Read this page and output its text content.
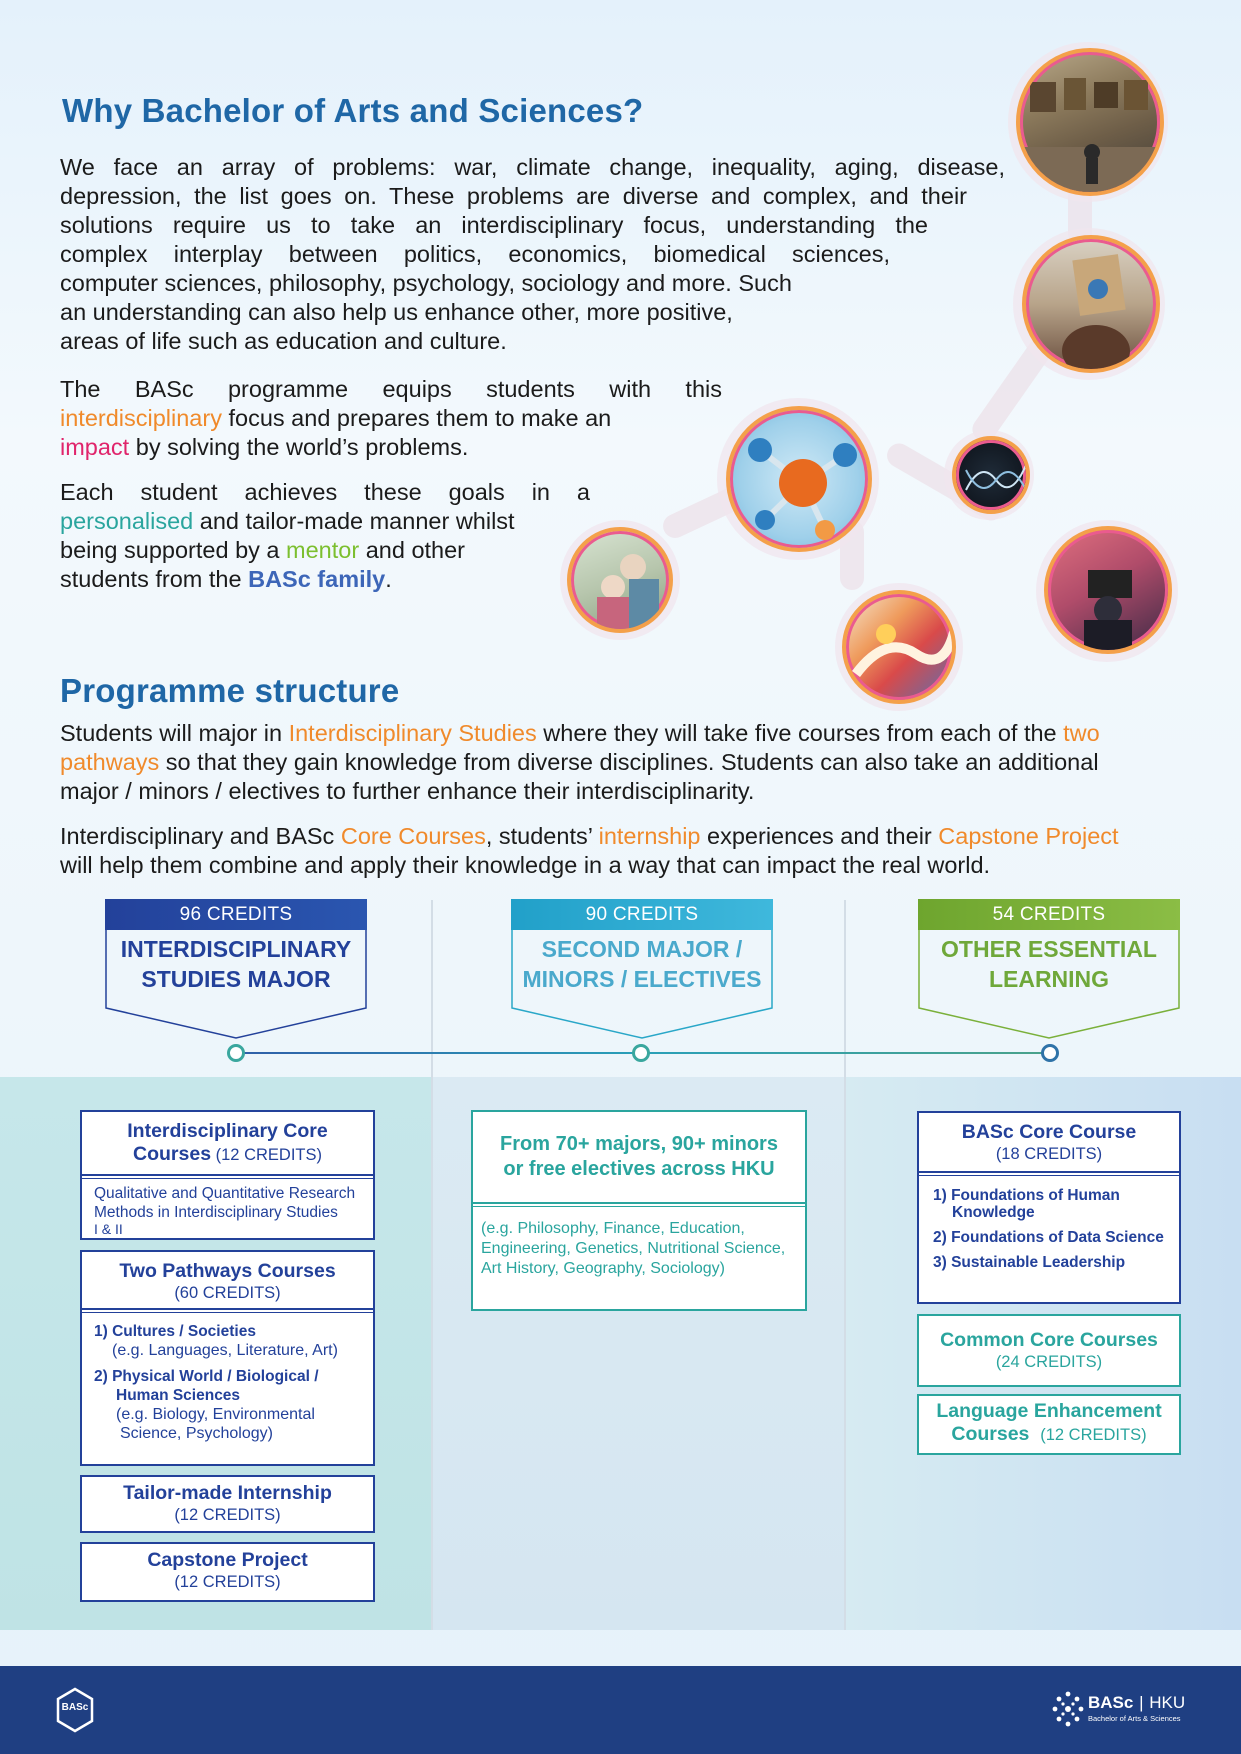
Why Bachelor of Arts and Sciences?
We face an array of problems: war, climate change, inequality, aging, disease,
depression, the list goes on. These problems are diverse and complex, and their
solutions require us to take an interdisciplinary focus, understanding the
complex interplay between politics, economics, biomedical sciences,
computer sciences, philosophy, psychology, sociology and more. Such
an understanding can also help us enhance other, more positive,
areas of life such as education and culture.
The BASc programme equips students with this
interdisciplinary focus and prepares them to make an
impact by solving the world’s problems.
Each student achieves these goals in a
personalised and tailor-made manner whilst
being supported by a mentor and other
students from the BASc family.
Programme structure
Students will major in Interdisciplinary Studies where they will take five courses from each of the two
pathways so that they gain knowledge from diverse disciplines. Students can also take an additional
major / minors / electives to further enhance their interdisciplinarity.
Interdisciplinary and BASc Core Courses, students’ internship experiences and their Capstone Project
will help them combine and apply their knowledge in a way that can impact the real world.
96 CREDITS
INTERDISCIPLINARY
STUDIES MAJOR
90 CREDITS
SECOND MAJOR /
MINORS / ELECTIVES
54 CREDITS
OTHER ESSENTIAL
LEARNING
Interdisciplinary Core
Courses (12 CREDITS)
Qualitative and Quantitative Research
Methods in Interdisciplinary Studies
I & II
Two Pathways Courses
(60 CREDITS)
1) Cultures / Societies
(e.g. Languages, Literature, Art)
2) Physical World / Biological /
Human Sciences
(e.g. Biology, Environmental
Science, Psychology)
Tailor-made Internship
(12 CREDITS)
Capstone Project
(12 CREDITS)
From 70+ majors, 90+ minors
or free electives across HKU
(e.g. Philosophy, Finance, Education,
Engineering, Genetics, Nutritional Science,
Art History, Geography, Sociology)
BASc Core Course
(18 CREDITS)
1) Foundations of Human
Knowledge
2) Foundations of Data Science
3) Sustainable Leadership
Common Core Courses
(24 CREDITS)
Language Enhancement
Courses (12 CREDITS)
BASc	BASc | HKU
Bachelor of Arts & Sciences
